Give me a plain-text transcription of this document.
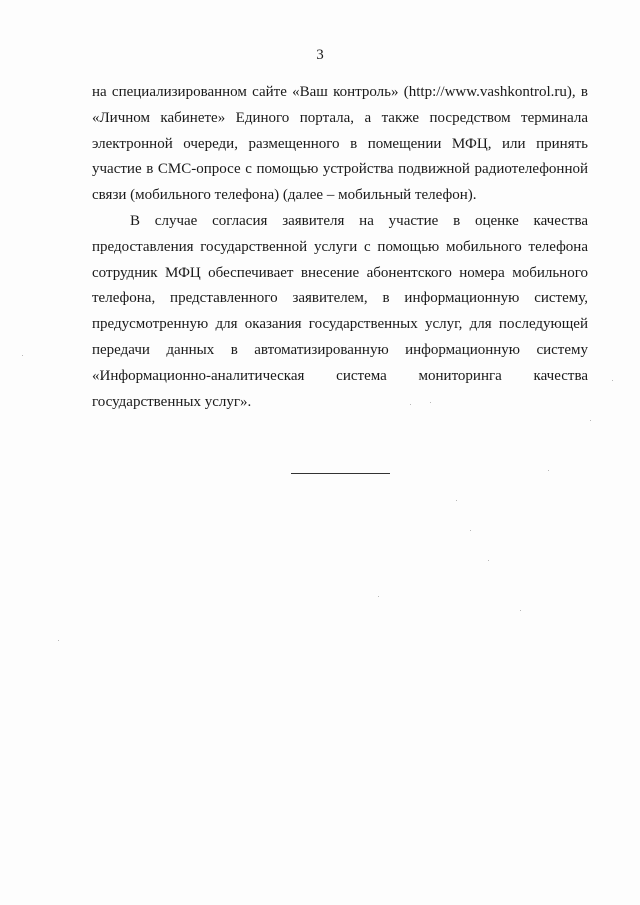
3

на специализированном сайте «Ваш контроль» (http://www.vashkontrol.ru), в «Личном кабинете» Единого портала, а также посредством терминала электронной очереди, размещенного в помещении МФЦ, или принять участие в СМС-опросе с помощью устройства подвижной радиотелефонной связи (мобильного телефона) (далее – мобильный телефон).

В случае согласия заявителя на участие в оценке качества предоставления государственной услуги с помощью мобильного телефона сотрудник МФЦ обеспечивает внесение абонентского номера мобильного телефона, представленного заявителем, в информационную систему, предусмотренную для оказания государственных услуг, для последующей передачи данных в автоматизированную информационную систему «Информационно-аналитическая система мониторинга качества государственных услуг».
